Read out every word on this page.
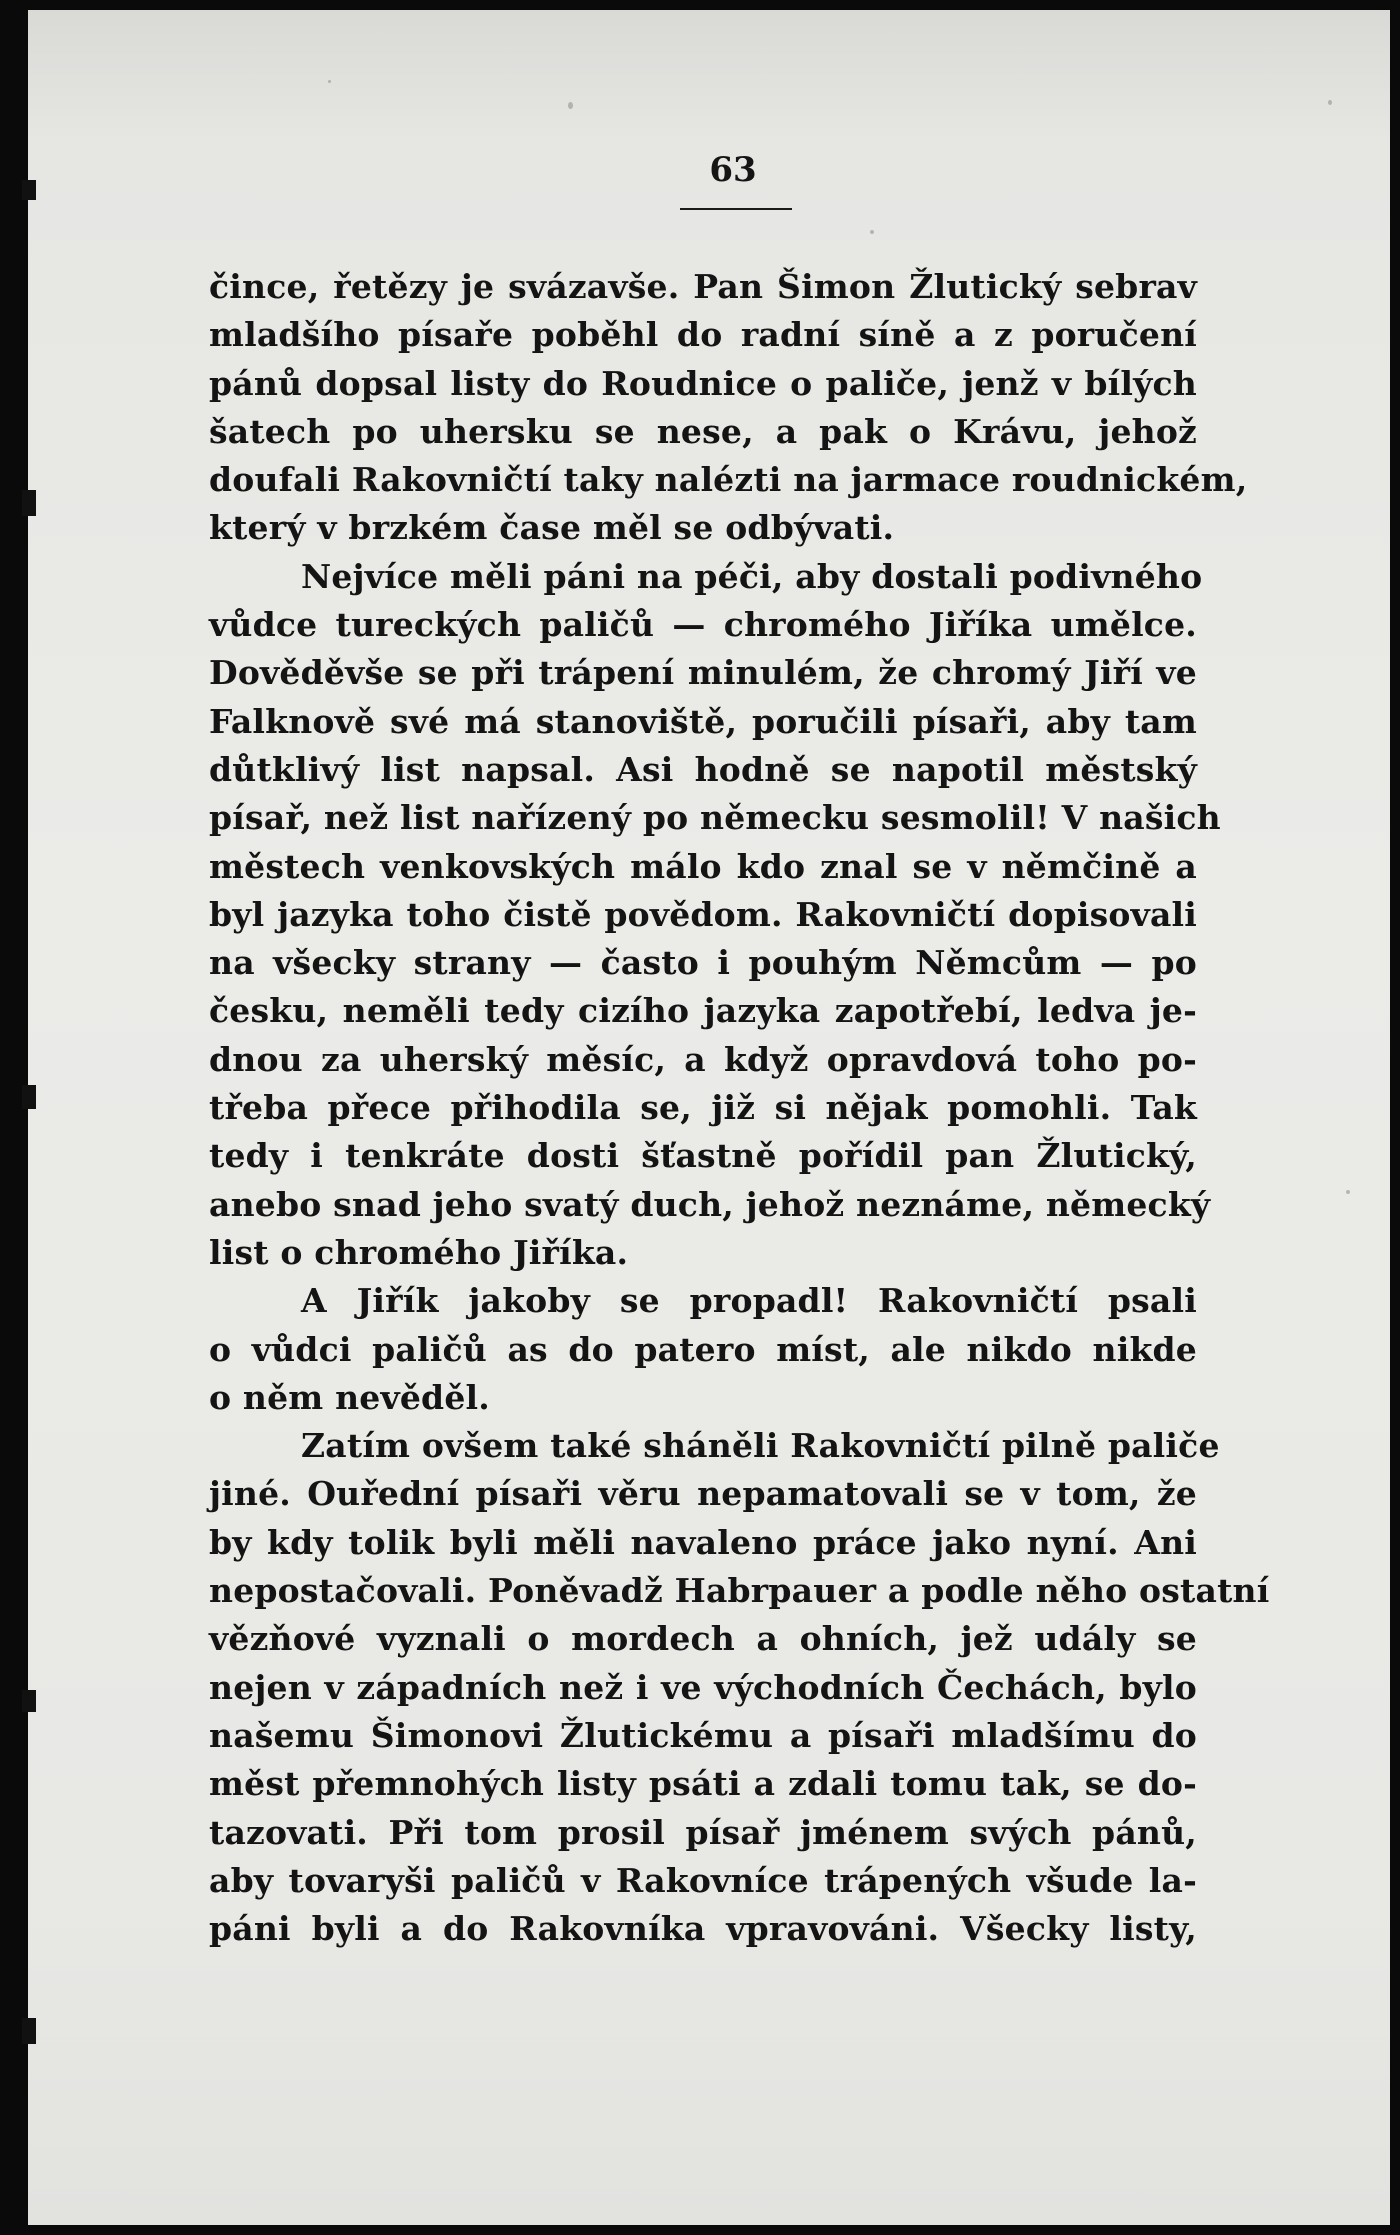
63
čince, řetězy je svázavše. Pan Šimon Žlutický sebrav
mladšího písaře poběhl do radní síně a z poručení
pánů dopsal listy do Roudnice o paliče, jenž v bílých
šatech po uhersku se nese, a pak o Krávu, jehož
doufali Rakovničtí taky nalézti na jarmace roudnickém,
který v brzkém čase měl se odbývati.
Nejvíce měli páni na péči, aby dostali podivného
vůdce tureckých paličů — chromého Jiříka umělce.
Dověděvše se při trápení minulém, že chromý Jiří ve
Falknově své má stanoviště, poručili písaři, aby tam
důtklivý list napsal. Asi hodně se napotil městský
písař, než list nařízený po německu sesmolil! V našich
městech venkovských málo kdo znal se v němčině a
byl jazyka toho čistě povědom. Rakovničtí dopisovali
na všecky strany — často i pouhým Němcům — po
česku, neměli tedy cizího jazyka zapotřebí, ledva je-
dnou za uherský měsíc, a když opravdová toho po-
třeba přece přihodila se, již si nějak pomohli. Tak
tedy i tenkráte dosti šťastně pořídil pan Žlutický,
anebo snad jeho svatý duch, jehož neznáme, německý
list o chromého Jiříka.
A Jiřík jakoby se propadl! Rakovničtí psali
o vůdci paličů as do patero míst, ale nikdo nikde
o něm nevěděl.
Zatím ovšem také sháněli Rakovničtí pilně paliče
jiné. Ouřední písaři věru nepamatovali se v tom, že
by kdy tolik byli měli navaleno práce jako nyní. Ani
nepostačovali. Poněvadž Habrpauer a podle něho ostatní
vězňové vyznali o mordech a ohních, jež udály se
nejen v západních než i ve východních Čechách, bylo
našemu Šimonovi Žlutickému a písaři mladšímu do
měst přemnohých listy psáti a zdali tomu tak, se do-
tazovati. Při tom prosil písař jménem svých pánů,
aby tovaryši paličů v Rakovníce trápených všude la-
páni byli a do Rakovníka vpravováni. Všecky listy,
